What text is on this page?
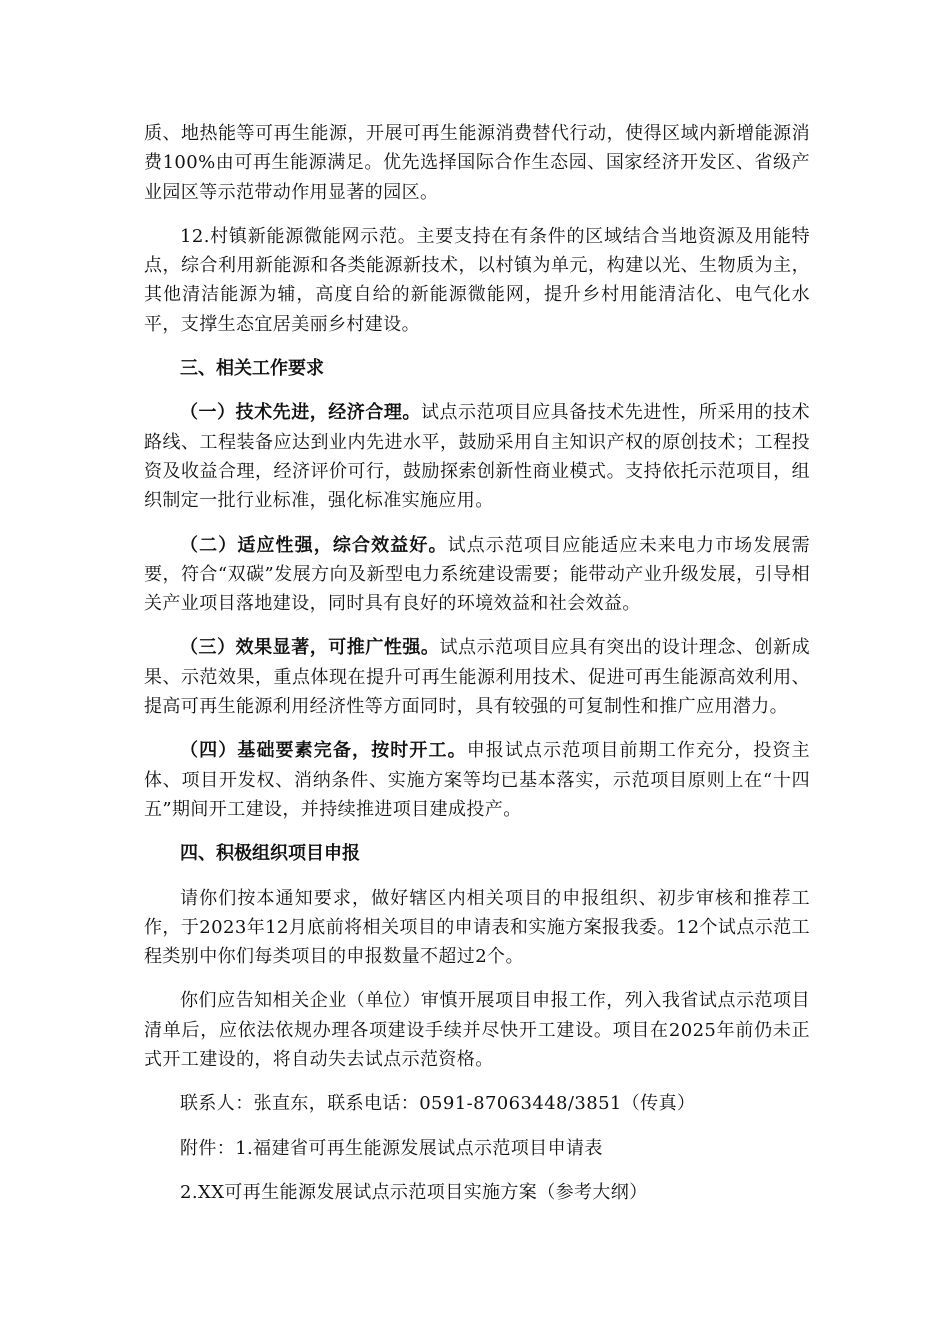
质、地热能等可再生能源，开展可再生能源消费替代行动，使得区域内新增能源消费100%由可再生能源满足。优先选择国际合作生态园、国家经济开发区、省级产业园区等示范带动作用显著的园区。

12.村镇新能源微能网示范。主要支持在有条件的区域结合当地资源及用能特点，综合利用新能源和各类能源新技术，以村镇为单元，构建以光、生物质为主，其他清洁能源为辅，高度自给的新能源微能网，提升乡村用能清洁化、电气化水平，支撑生态宜居美丽乡村建设。

三、相关工作要求

（一）技术先进，经济合理。试点示范项目应具备技术先进性，所采用的技术路线、工程装备应达到业内先进水平，鼓励采用自主知识产权的原创技术；工程投资及收益合理，经济评价可行，鼓励探索创新性商业模式。支持依托示范项目，组织制定一批行业标准，强化标准实施应用。

（二）适应性强，综合效益好。试点示范项目应能适应未来电力市场发展需要，符合“双碳”发展方向及新型电力系统建设需要；能带动产业升级发展，引导相关产业项目落地建设，同时具有良好的环境效益和社会效益。

（三）效果显著，可推广性强。试点示范项目应具有突出的设计理念、创新成果、示范效果，重点体现在提升可再生能源利用技术、促进可再生能源高效利用、提高可再生能源利用经济性等方面同时，具有较强的可复制性和推广应用潜力。

（四）基础要素完备，按时开工。申报试点示范项目前期工作充分，投资主体、项目开发权、消纳条件、实施方案等均已基本落实，示范项目原则上在“十四五”期间开工建设，并持续推进项目建成投产。

四、积极组织项目申报

请你们按本通知要求，做好辖区内相关项目的申报组织、初步审核和推荐工作，于2023年12月底前将相关项目的申请表和实施方案报我委。12个试点示范工程类别中你们每类项目的申报数量不超过2个。

你们应告知相关企业（单位）审慎开展项目申报工作，列入我省试点示范项目清单后，应依法依规办理各项建设手续并尽快开工建设。项目在2025年前仍未正式开工建设的，将自动失去试点示范资格。

联系人：张直东，联系电话：0591-87063448/3851（传真）

附件：1.福建省可再生能源发展试点示范项目申请表

2.XX可再生能源发展试点示范项目实施方案（参考大纲）
